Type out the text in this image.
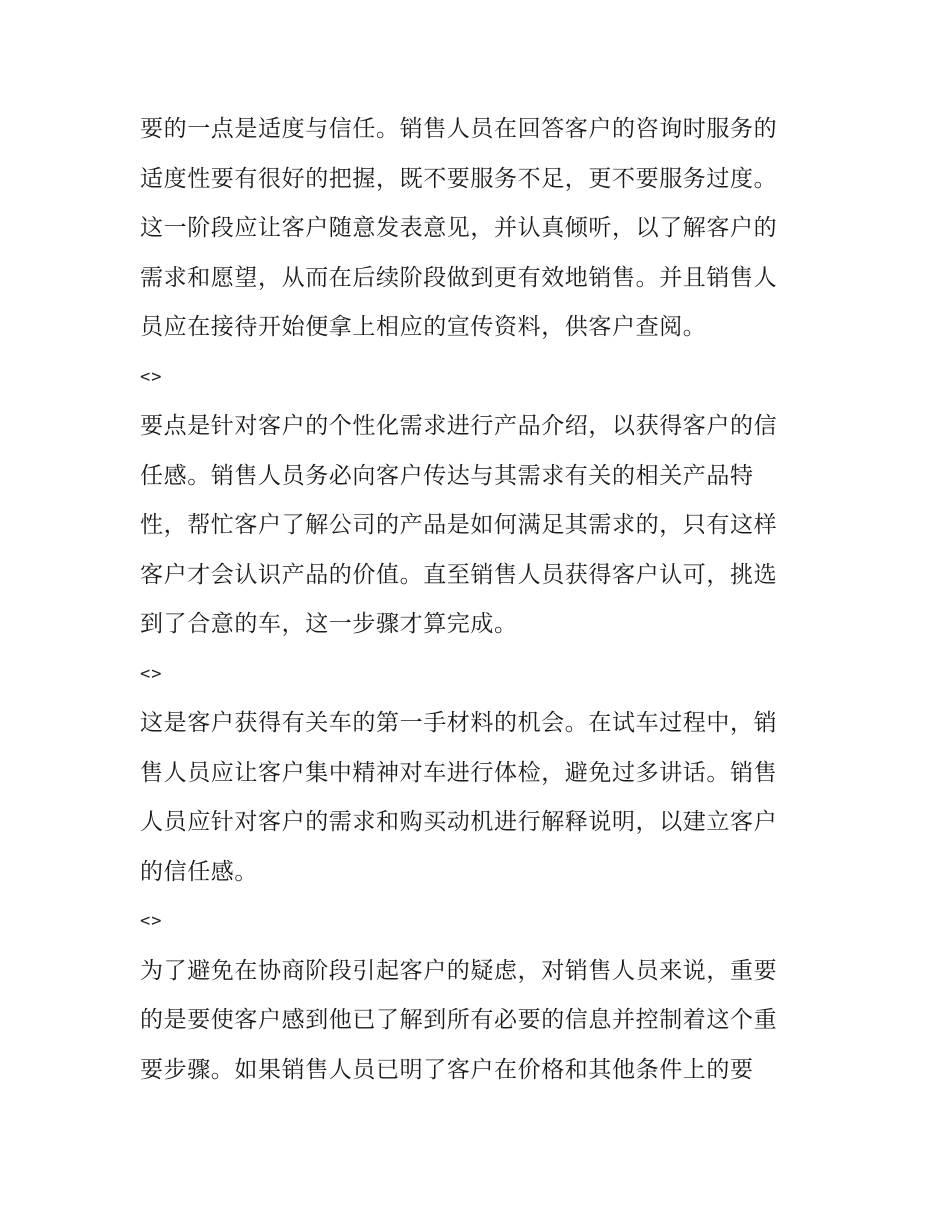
要的一点是适度与信任。销售人员在回答客户的咨询时服务的
适度性要有很好的把握，既不要服务不足，更不要服务过度。
这一阶段应让客户随意发表意见，并认真倾听，以了解客户的
需求和愿望，从而在后续阶段做到更有效地销售。并且销售人
员应在接待开始便拿上相应的宣传资料，供客户查阅。
<>
要点是针对客户的个性化需求进行产品介绍，以获得客户的信
任感。销售人员务必向客户传达与其需求有关的相关产品特
性，帮忙客户了解公司的产品是如何满足其需求的，只有这样
客户才会认识产品的价值。直至销售人员获得客户认可，挑选
到了合意的车，这一步骤才算完成。
<>
这是客户获得有关车的第一手材料的机会。在试车过程中，销
售人员应让客户集中精神对车进行体检，避免过多讲话。销售
人员应针对客户的需求和购买动机进行解释说明，以建立客户
的信任感。
<>
为了避免在协商阶段引起客户的疑虑，对销售人员来说，重要
的是要使客户感到他已了解到所有必要的信息并控制着这个重
要步骤。如果销售人员已明了客户在价格和其他条件上的要
